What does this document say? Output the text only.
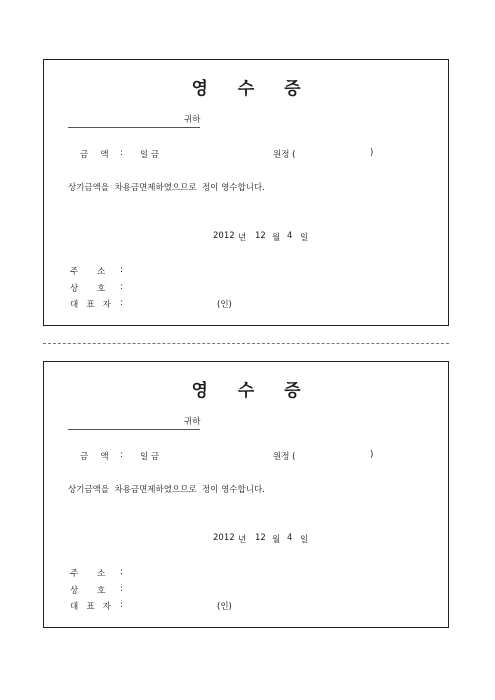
영 수 증
귀하
금   액 : 일 금	원정 (	)
상기금액을  차용금면제하였으므로  정이 영수합니다.
2012 년 12 월 4 일
주       소 :
상       호 :
대   표   자 :	(인)
영 수 증
귀하
금   액 : 일 금	원정 (	)
상기금액을  차용금면제하였으므로  정이 영수합니다.
2012 년 12 월 4 일
주       소 :
상       호 :
대   표   자 :	(인)
